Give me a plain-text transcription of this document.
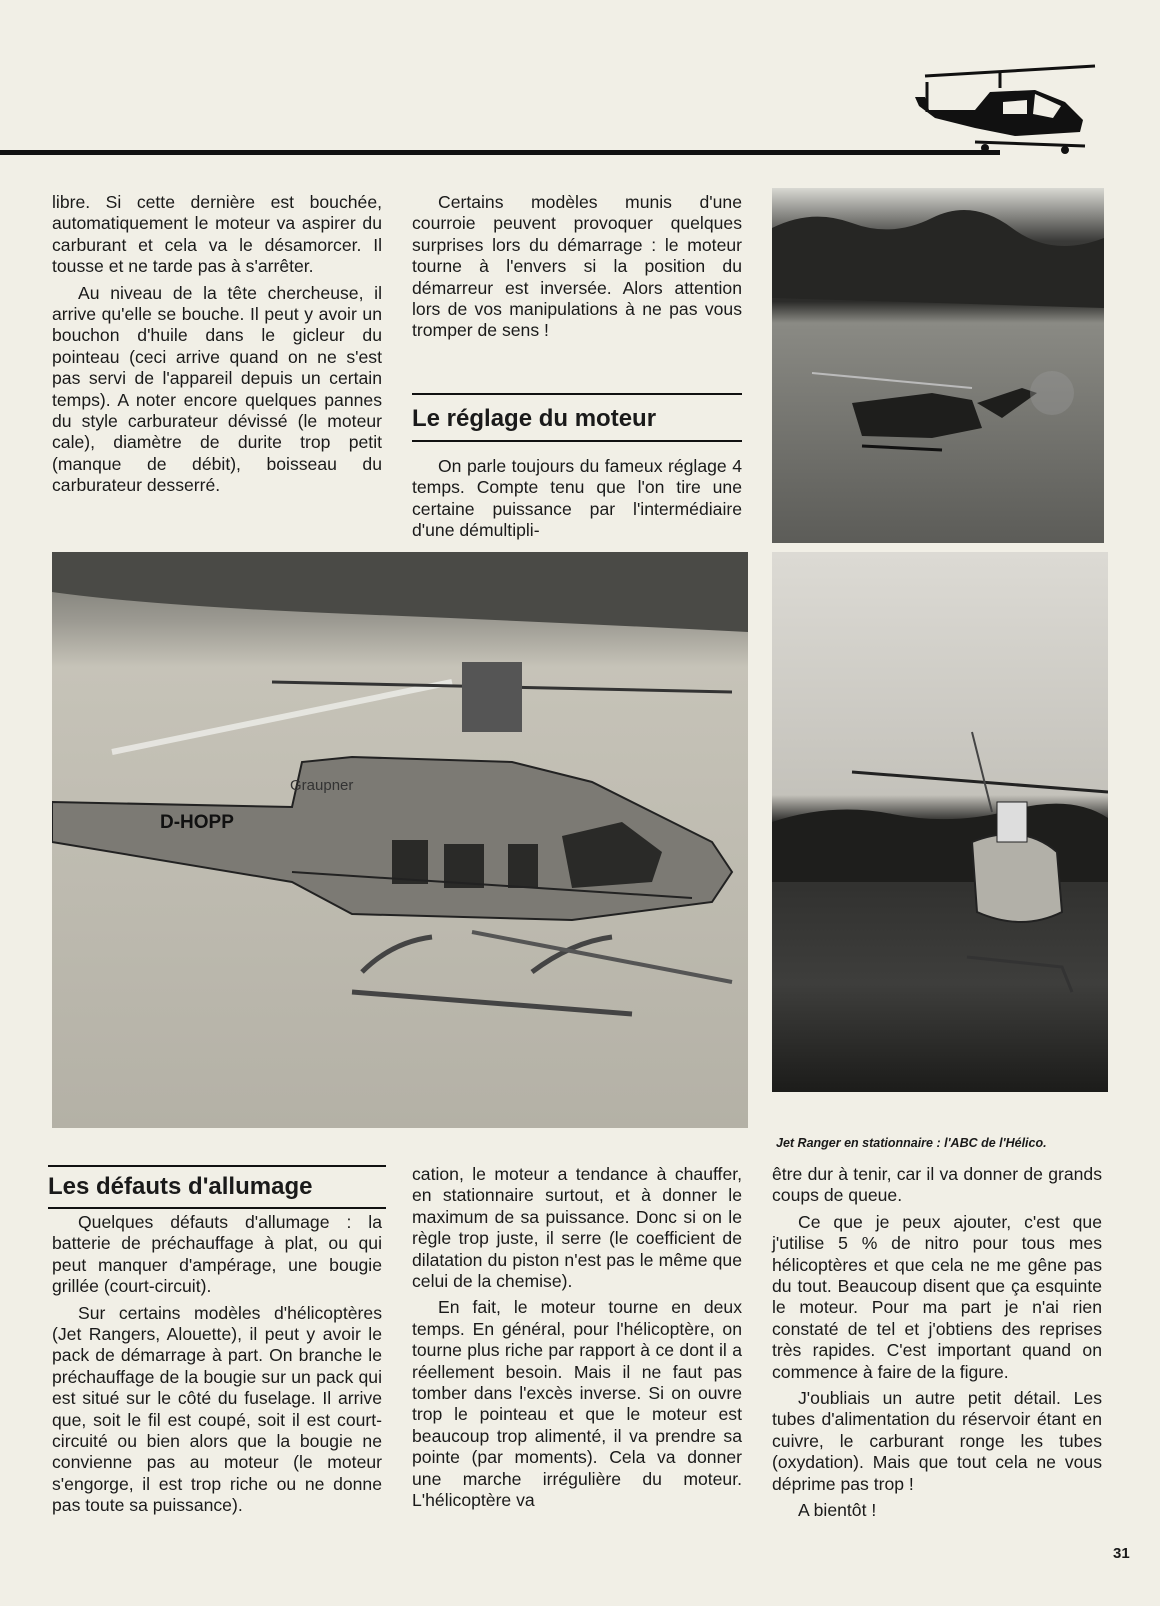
libre. Si cette dernière est bouchée, automatiquement le moteur va aspirer du carburant et cela va le désamorcer. Il tousse et ne tarde pas à s'arrêter.

Au niveau de la tête chercheuse, il arrive qu'elle se bouche. Il peut y avoir un bouchon d'huile dans le gicleur du pointeau (ceci arrive quand on ne s'est pas servi de l'appareil depuis un certain temps). A noter encore quelques pannes du style carburateur dévissé (le moteur cale), diamètre de durite trop petit (manque de débit), boisseau du carburateur desserré.

Certains modèles munis d'une courroie peuvent provoquer quelques surprises lors du démarrage : le moteur tourne à l'envers si la position du démarreur est inversée. Alors attention lors de vos manipulations à ne pas vous tromper de sens !

Le réglage du moteur

On parle toujours du fameux réglage 4 temps. Compte tenu que l'on tire une certaine puissance par l'intermédiaire d'une démultipli-

Graupner
D-HOPP
Jet Ranger en stationnaire : l'ABC de l'Hélico.
Les défauts d'allumage

Quelques défauts d'allumage : la batterie de préchauffage à plat, ou qui peut manquer d'ampérage, une bougie grillée (court-circuit).

Sur certains modèles d'hélicoptères (Jet Rangers, Alouette), il peut y avoir le pack de démarrage à part. On branche le préchauffage de la bougie sur un pack qui est situé sur le côté du fuselage. Il arrive que, soit le fil est coupé, soit il est court-circuité ou bien alors que la bougie ne convienne pas au moteur (le moteur s'engorge, il est trop riche ou ne donne pas toute sa puissance).

cation, le moteur a tendance à chauffer, en stationnaire surtout, et à donner le maximum de sa puissance. Donc si on le règle trop juste, il serre (le coefficient de dilatation du piston n'est pas le même que celui de la chemise).

En fait, le moteur tourne en deux temps. En général, pour l'hélicoptère, on tourne plus riche par rapport à ce dont il a réellement besoin. Mais il ne faut pas tomber dans l'excès inverse. Si on ouvre trop le pointeau et que le moteur est beaucoup trop alimenté, il va prendre sa pointe (par moments). Cela va donner une marche irrégulière du moteur. L'hélicoptère va

être dur à tenir, car il va donner de grands coups de queue.

Ce que je peux ajouter, c'est que j'utilise 5 % de nitro pour tous mes hélicoptères et que cela ne me gêne pas du tout. Beaucoup disent que ça esquinte le moteur. Pour ma part je n'ai rien constaté de tel et j'obtiens des reprises très rapides. C'est important quand on commence à faire de la figure.

J'oubliais un autre petit détail. Les tubes d'alimentation du réservoir étant en cuivre, le carburant ronge les tubes (oxydation). Mais que tout cela ne vous déprime pas trop !

A bientôt !

31
